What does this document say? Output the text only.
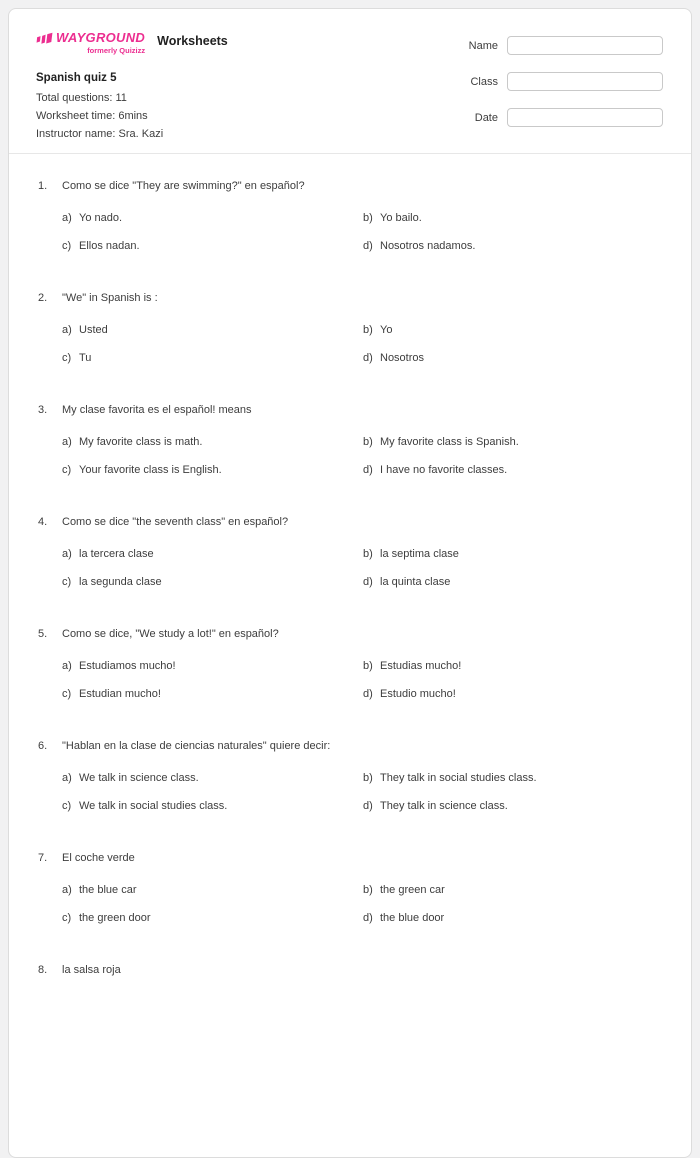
WAYGROUND
formerly Quizizz
Worksheets
Spanish quiz 5
Total questions: 11
Worksheet time: 6mins
Instructor name: Sra. Kazi
Name
Class
Date
1.	Como se dice "They are swimming?" en español?
a) Yo nado.	b) Yo bailo.
c) Ellos nadan.	d) Nosotros nadamos.
2.	"We" in Spanish is :
a) Usted	b) Yo
c) Tu	d) Nosotros
3.	My clase favorita es el español! means
a) My favorite class is math.	b) My favorite class is Spanish.
c) Your favorite class is English.	d) I have no favorite classes.
4.	Como se dice "the seventh class" en español?
a) la tercera clase	b) la septima clase
c) la segunda clase	d) la quinta clase
5.	Como se dice, "We study a lot!" en español?
a) Estudiamos mucho!	b) Estudias mucho!
c) Estudian mucho!	d) Estudio mucho!
6.	"Hablan en la clase de ciencias naturales" quiere decir:
a) We talk in science class.	b) They talk in social studies class.
c) We talk in social studies class.	d) They talk in science class.
7.	El coche verde
a) the blue car	b) the green car
c) the green door	d) the blue door
8.	la salsa roja
